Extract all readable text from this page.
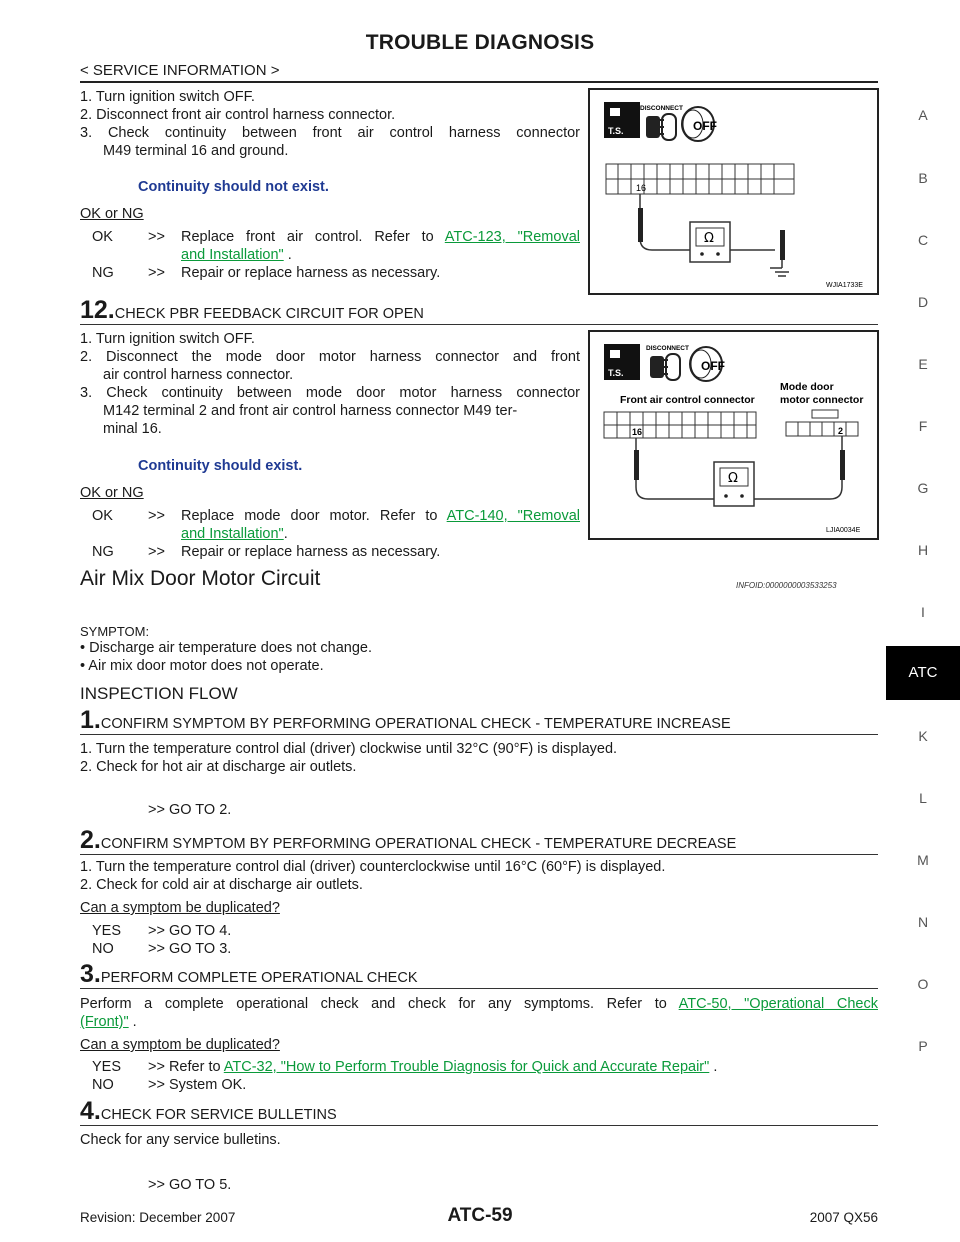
TROUBLE DIAGNOSIS
< SERVICE INFORMATION >
A
B
C
D
E
F
G
H
I
ATC
K
L
M
N
O
P
1. Turn ignition switch OFF.
2. Disconnect front air control harness connector.
3. Check continuity between front air control harness connector
M49 terminal 16 and ground.
Continuity should not exist.
OK or NG
OK >> Replace front air control. Refer to ATC-123, "Removal
and Installation" .
NG >> Repair or replace harness as necessary.
T.S.
DISCONNECT
OFF
16
Ω
WJIA1733E
12.CHECK PBR FEEDBACK CIRCUIT FOR OPEN
1. Turn ignition switch OFF.
2. Disconnect the mode door motor harness connector and front
air control harness connector.
3. Check continuity between mode door motor harness connector
M142 terminal 2 and front air control harness connector M49 ter-
minal 16.
Continuity should exist.
OK or NG
OK >> Replace mode door motor. Refer to ATC-140, "Removal
and Installation".
NG >> Repair or replace harness as necessary.
T.S.
DISCONNECT
OFF
Mode door
motor connector
Front air control connector
16	2
Ω
LJIA0034E
Air Mix Door Motor Circuit	INFOID:0000000003533253
SYMPTOM:
• Discharge air temperature does not change.
• Air mix door motor does not operate.
INSPECTION FLOW
1.CONFIRM SYMPTOM BY PERFORMING OPERATIONAL CHECK - TEMPERATURE INCREASE
1. Turn the temperature control dial (driver) clockwise until 32°C (90°F) is displayed.
2. Check for hot air at discharge air outlets.
>> GO TO 2.
2.CONFIRM SYMPTOM BY PERFORMING OPERATIONAL CHECK - TEMPERATURE DECREASE
1. Turn the temperature control dial (driver) counterclockwise until 16°C (60°F) is displayed.
2. Check for cold air at discharge air outlets.
Can a symptom be duplicated?
YES >> GO TO 4.
NO >> GO TO 3.
3.PERFORM COMPLETE OPERATIONAL CHECK
Perform a complete operational check and check for any symptoms. Refer to ATC-50, "Operational Check
(Front)" .
Can a symptom be duplicated?
YES >> Refer to ATC-32, "How to Perform Trouble Diagnosis for Quick and Accurate Repair" .
NO >> System OK.
4.CHECK FOR SERVICE BULLETINS
Check for any service bulletins.
>> GO TO 5.
Revision: December 2007	ATC-59	2007 QX56
